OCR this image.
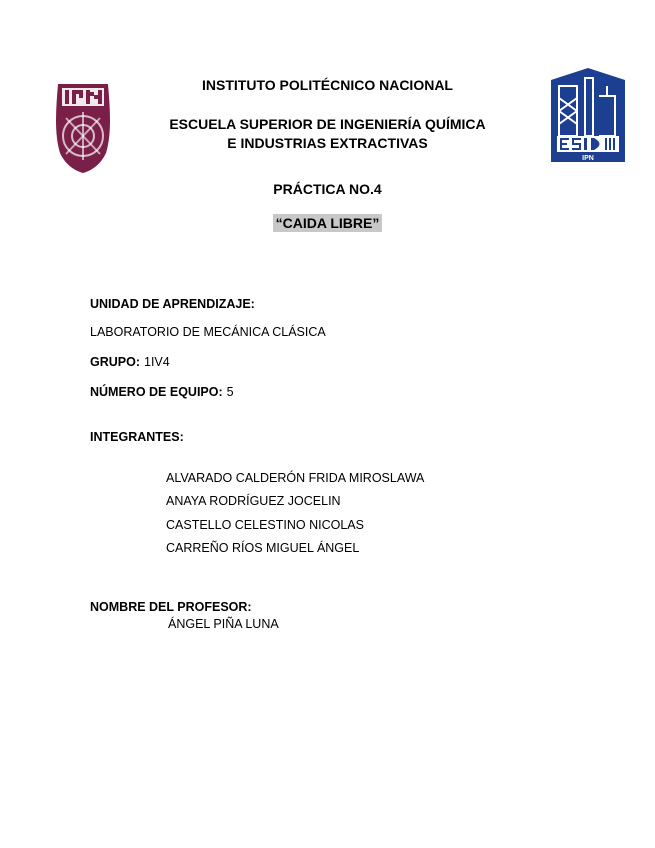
IPN
INSTITUTO POLITÉCNICO NACIONAL
ESCUELA SUPERIOR DE INGENIERÍA QUÍMICA
E INDUSTRIAS EXTRACTIVAS
PRÁCTICA NO.4
“CAIDA LIBRE”
UNIDAD DE APRENDIZAJE:
LABORATORIO DE MECÁNICA CLÁSICA
GRUPO: 1IV4
NÚMERO DE EQUIPO: 5
INTEGRANTES:
ALVARADO CALDERÓN FRIDA MIROSLAWA
ANAYA RODRÍGUEZ JOCELIN
CASTELLO CELESTINO NICOLAS
CARREÑO RÍOS MIGUEL ÁNGEL
NOMBRE DEL PROFESOR:
ÁNGEL PIÑA LUNA
